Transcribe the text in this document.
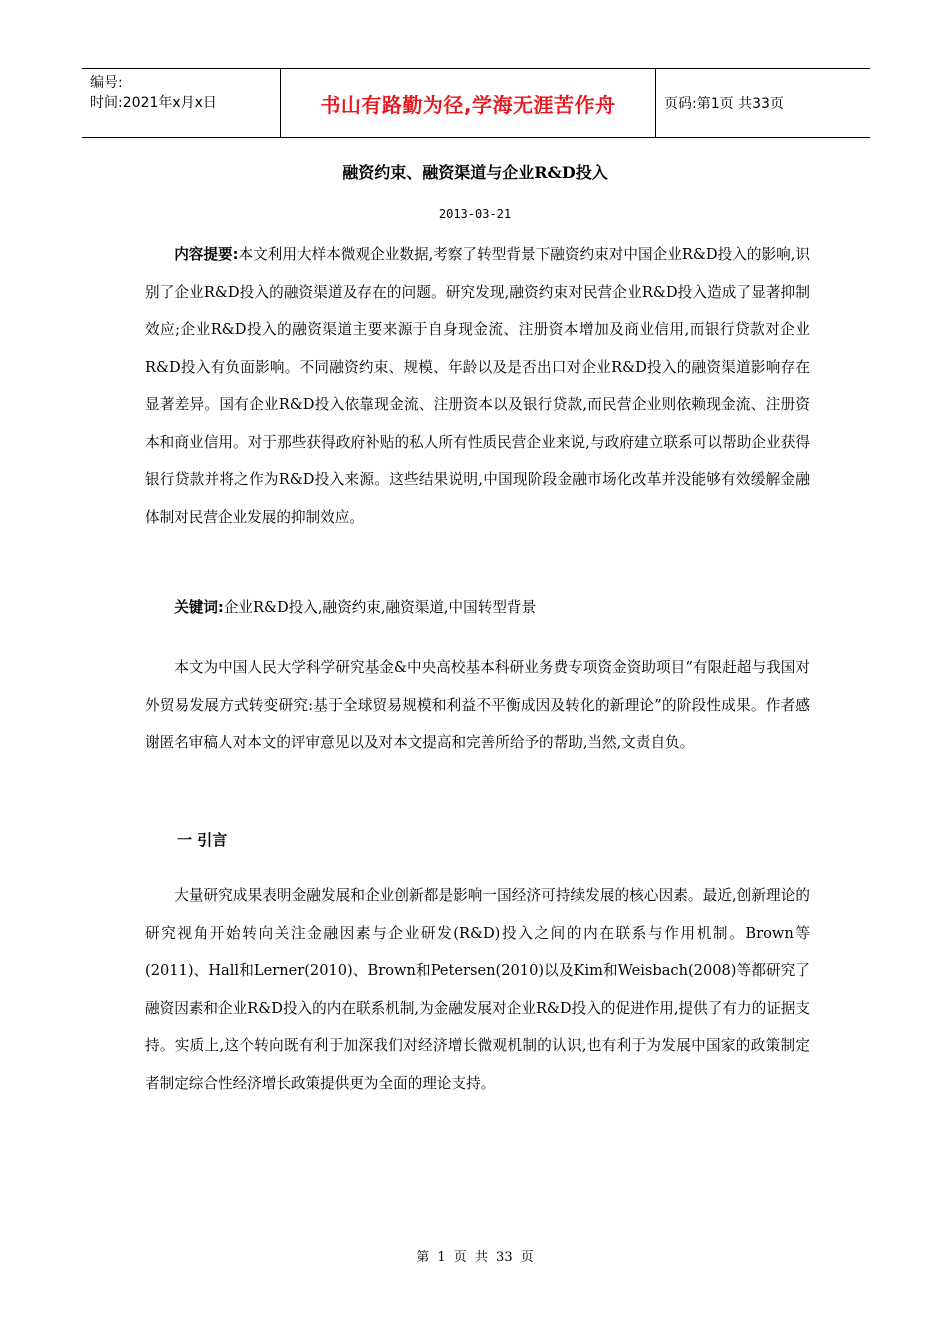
编号:
时间:2021年x月x日	书山有路勤为径,学海无涯苦作舟	页码:第1页 共33页
融资约束、融资渠道与企业R&D投入
2013-03-21

内容提要:本文利用大样本微观企业数据,考察了转型背景下融资约束对中国企业R&D投入的影响,识别了企业R&D投入的融资渠道及存在的问题。研究发现,融资约束对民营企业R&D投入造成了显著抑制效应;企业R&D投入的融资渠道主要来源于自身现金流、注册资本增加及商业信用,而银行贷款对企业R&D投入有负面影响。不同融资约束、规模、年龄以及是否出口对企业R&D投入的融资渠道影响存在显著差异。国有企业R&D投入依靠现金流、注册资本以及银行贷款,而民营企业则依赖现金流、注册资本和商业信用。对于那些获得政府补贴的私人所有性质民营企业来说,与政府建立联系可以帮助企业获得银行贷款并将之作为R&D投入来源。这些结果说明,中国现阶段金融市场化改革并没能够有效缓解金融体制对民营企业发展的抑制效应。

关键词:企业R&D投入,融资约束,融资渠道,中国转型背景

本文为中国人民大学科学研究基金&中央高校基本科研业务费专项资金资助项目“有限赶超与我国对外贸易发展方式转变研究:基于全球贸易规模和利益不平衡成因及转化的新理论”的阶段性成果。作者感谢匿名审稿人对本文的评审意见以及对本文提高和完善所给予的帮助,当然,文责自负。

一 引言

大量研究成果表明金融发展和企业创新都是影响一国经济可持续发展的核心因素。最近,创新理论的研究视角开始转向关注金融因素与企业研发(R&D)投入之间的内在联系与作用机制。Brown等(2011)、Hall和Lerner(2010)、Brown和Petersen(2010)以及Kim和Weisbach(2008)等都研究了融资因素和企业R&D投入的内在联系机制,为金融发展对企业R&D投入的促进作用,提供了有力的证据支持。实质上,这个转向既有利于加深我们对经济增长微观机制的认识,也有利于为发展中国家的政策制定者制定综合性经济增长政策提供更为全面的理论支持。

第 1 页 共 33 页
